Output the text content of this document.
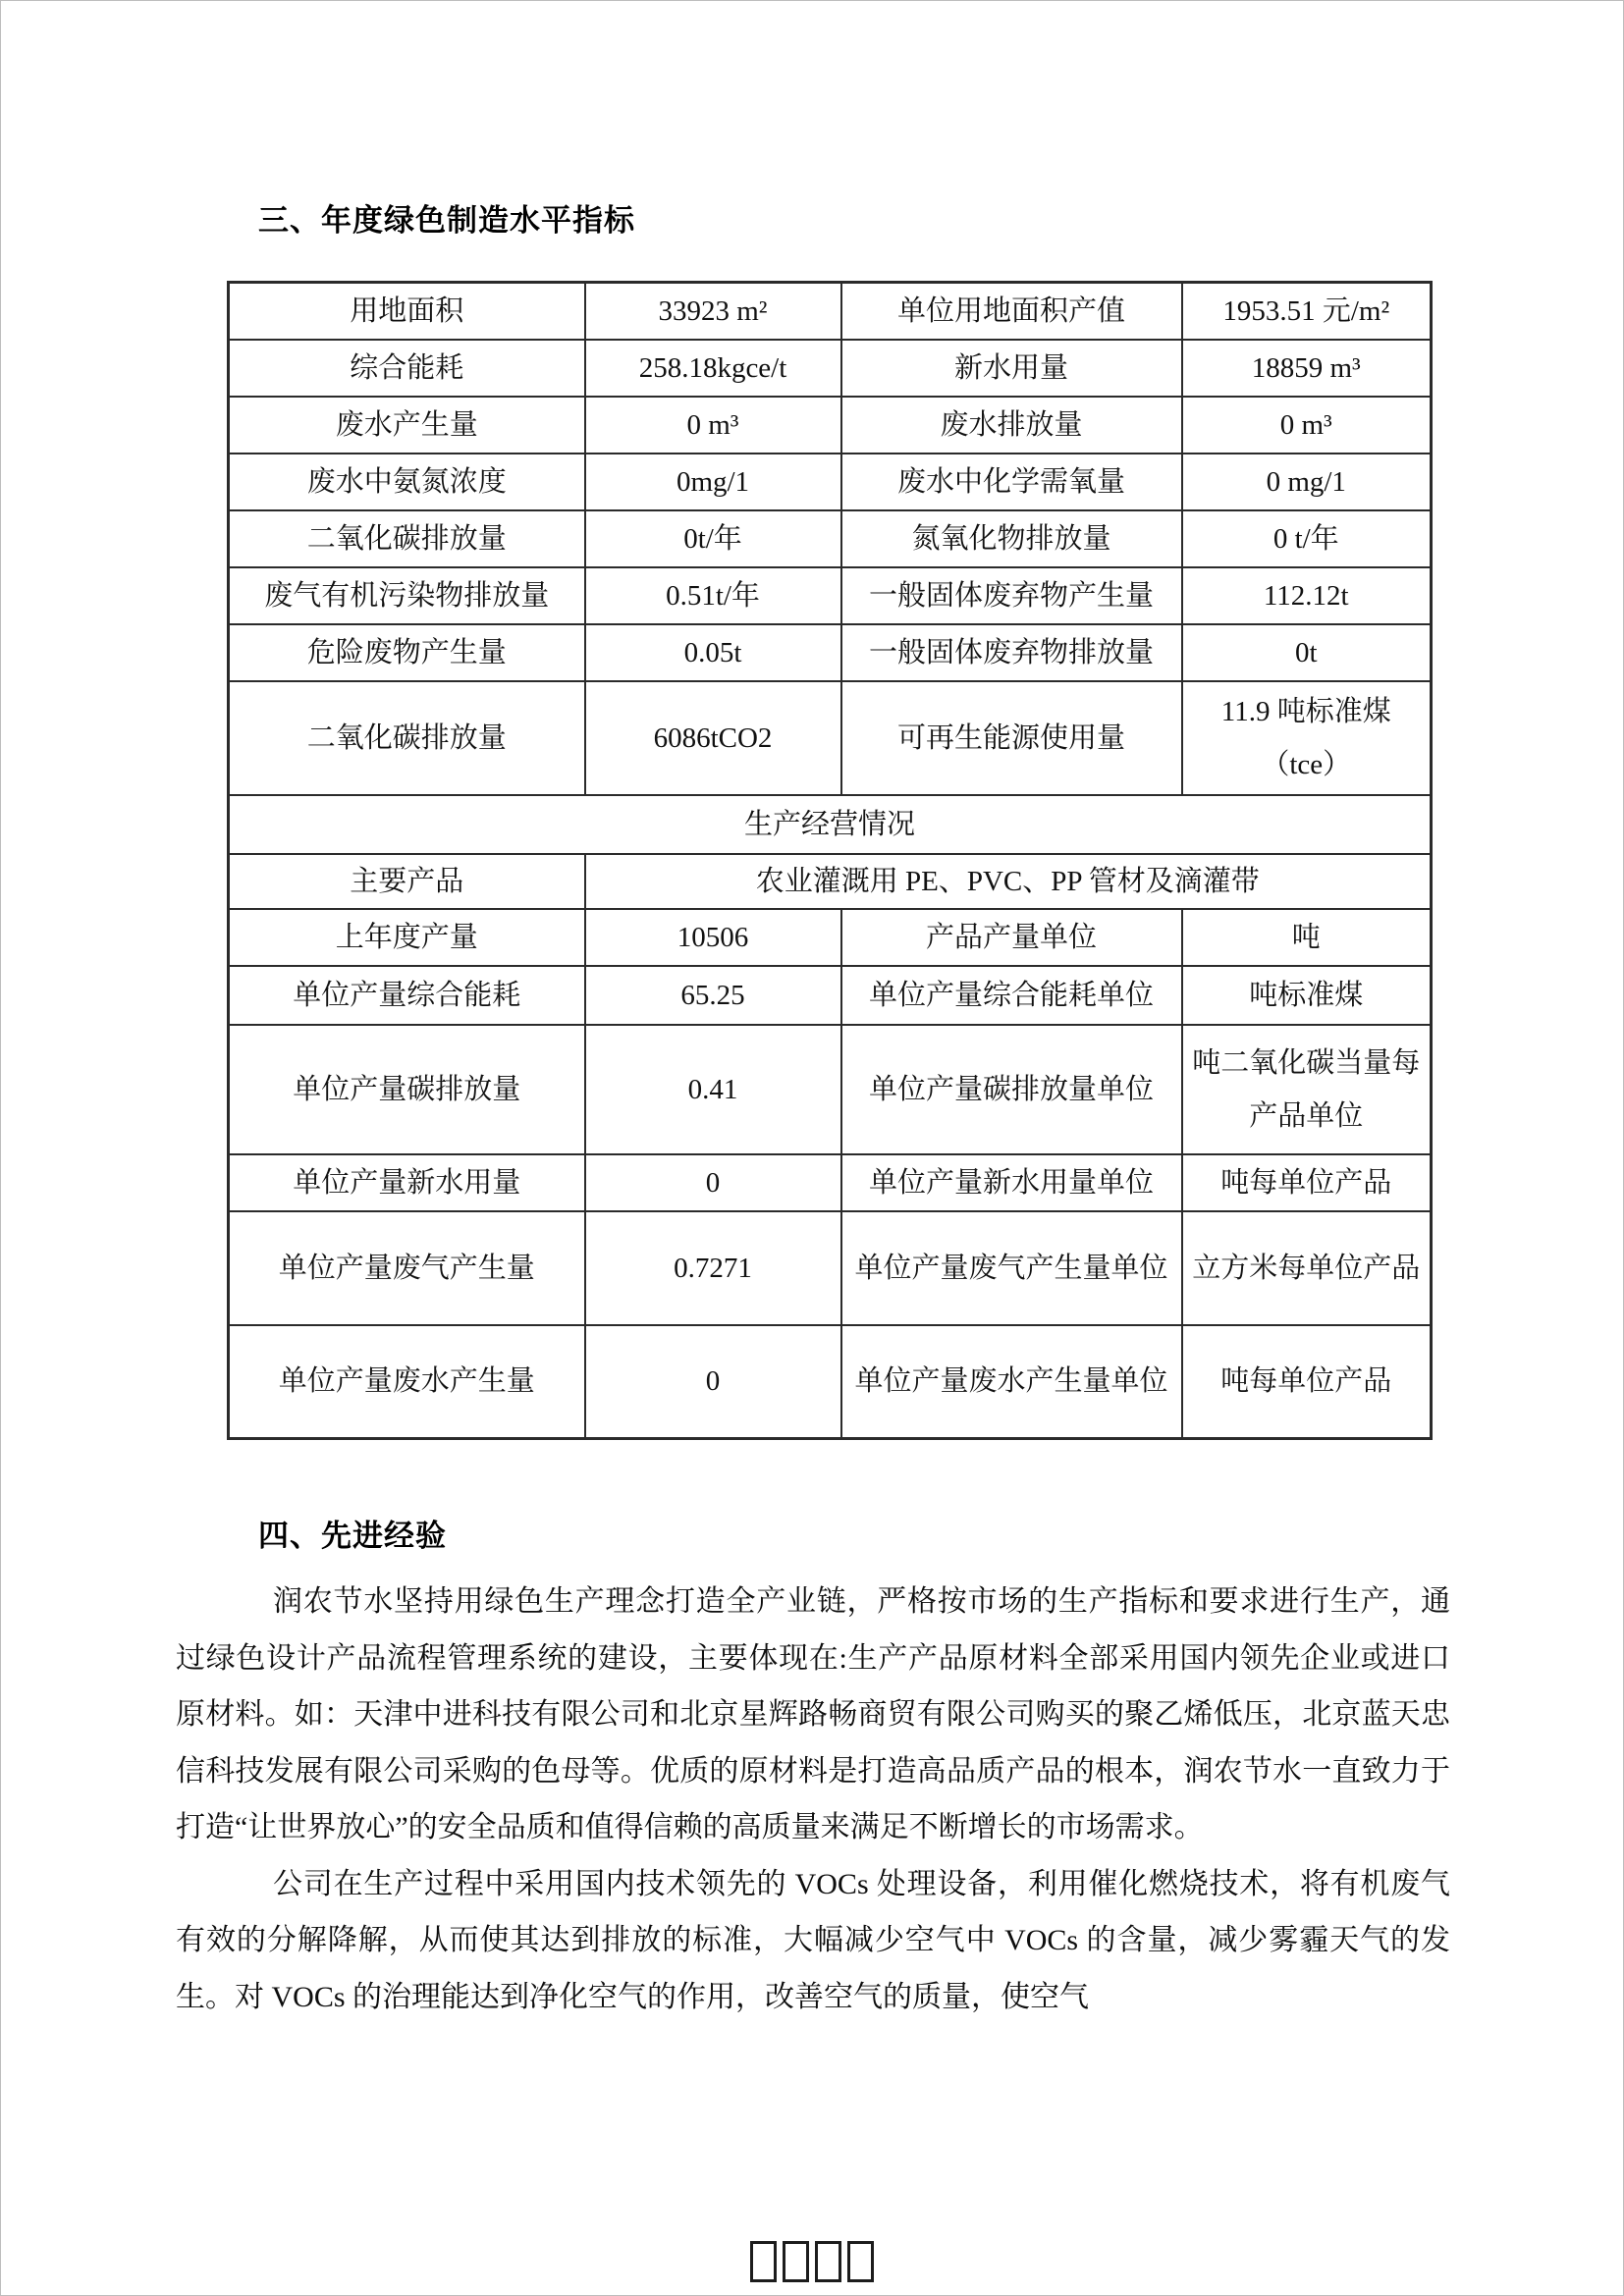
三、年度绿色制造水平指标
用地面积	33923 m²	单位用地面积产值	1953.51 元/m²
综合能耗	258.18kgce/t	新水用量	18859 m³
废水产生量	0 m³	废水排放量	0 m³
废水中氨氮浓度	0mg/1	废水中化学需氧量	0 mg/1
二氧化碳排放量	0t/年	氮氧化物排放量	0 t/年
废气有机污染物排放量	0.51t/年	一般固体废弃物产生量	112.12t
危险废物产生量	0.05t	一般固体废弃物排放量	0t
二氧化碳排放量	6086tCO2	可再生能源使用量	11.9 吨标准煤（tce）
生产经营情况			
主要产品	农业灌溉用 PE、PVC、PP 管材及滴灌带		
上年度产量	10506	产品产量单位	吨
单位产量综合能耗	65.25	单位产量综合能耗单位	吨标准煤
单位产量碳排放量	0.41	单位产量碳排放量单位	吨二氧化碳当量每产品单位
单位产量新水用量	0	单位产量新水用量单位	吨每单位产品
单位产量废气产生量	0.7271	单位产量废气产生量单位	立方米每单位产品
单位产量废水产生量	0	单位产量废水产生量单位	吨每单位产品
四、先进经验

润农节水坚持用绿色生产理念打造全产业链，严格按市场的生产指标和要求进行生产，通过绿色设计产品流程管理系统的建设，主要体现在:生产产品原材料全部采用国内领先企业或进口原材料。如：天津中进科技有限公司和北京星辉路畅商贸有限公司购买的聚乙烯低压，北京蓝天忠信科技发展有限公司采购的色母等。优质的原材料是打造高品质产品的根本，润农节水一直致力于打造“让世界放心”的安全品质和值得信赖的高质量来满足不断增长的市场需求。

公司在生产过程中采用国内技术领先的 VOCs 处理设备，利用催化燃烧技术，将有机废气有效的分解降解，从而使其达到排放的标准，大幅减少空气中 VOCs 的含量，减少雾霾天气的发生。对 VOCs 的治理能达到净化空气的作用，改善空气的质量，使空气
